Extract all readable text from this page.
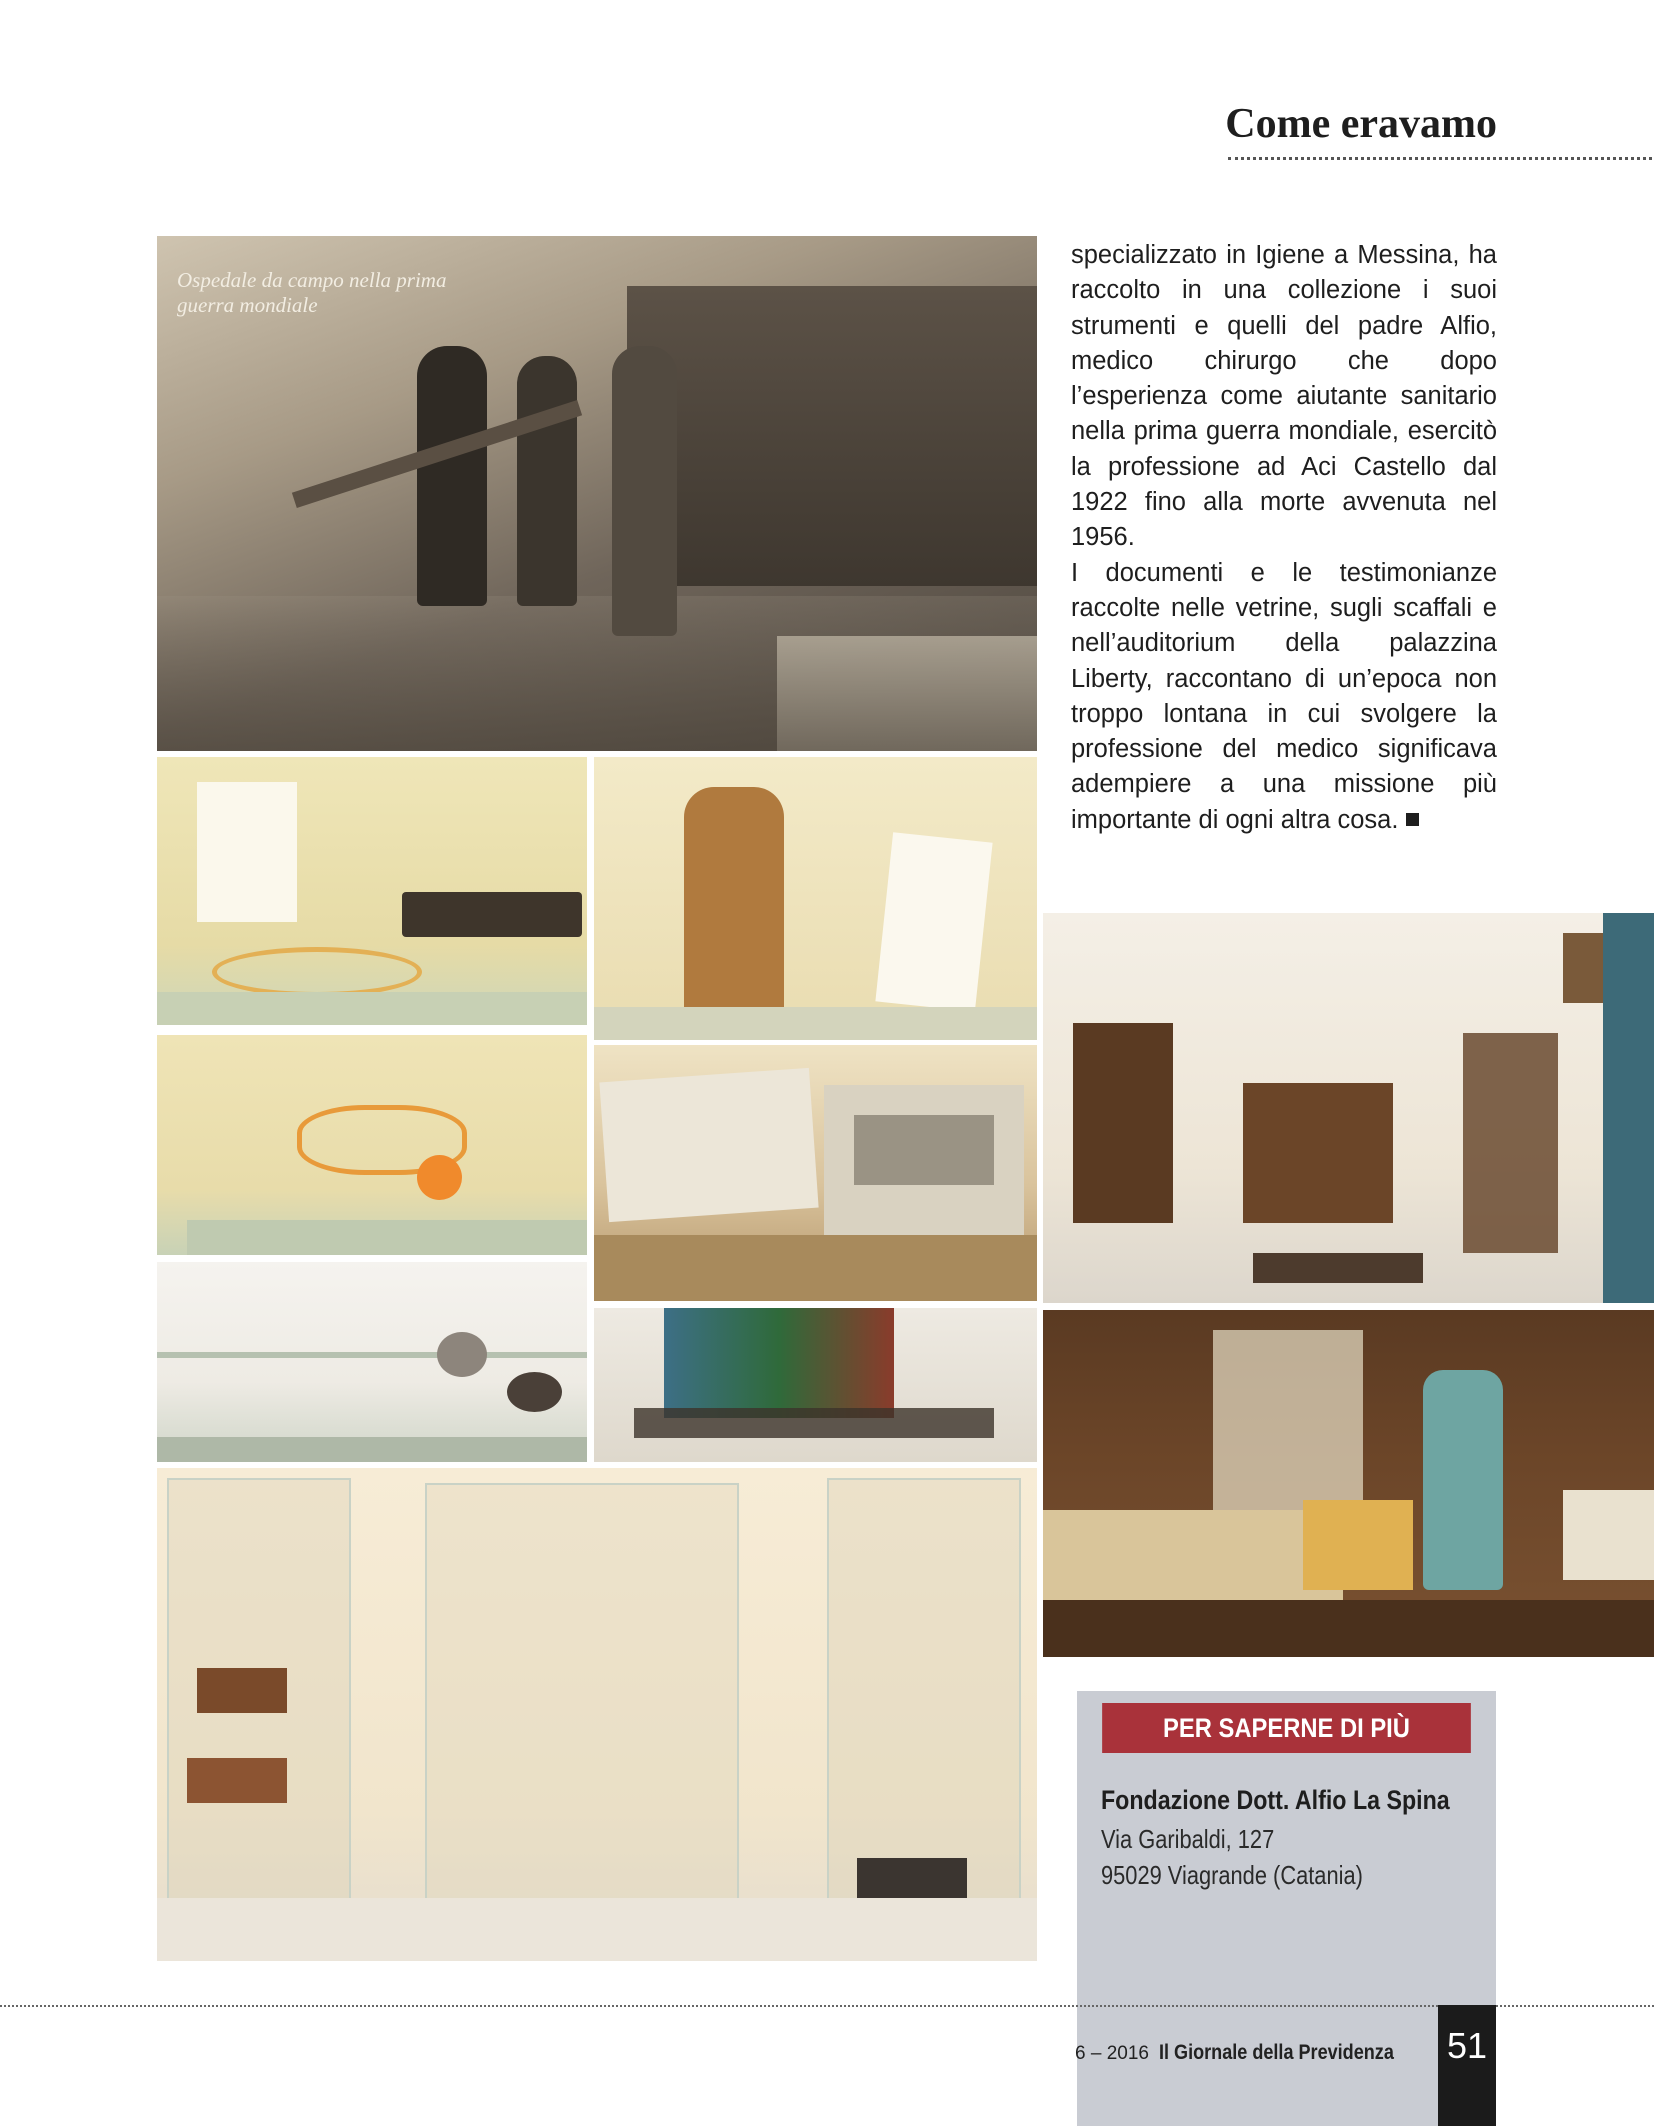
Come eravamo
Ospedale da campo nella prima guerra mondiale

specializzato in Igiene a Messina, ha raccolto in una collezione i suoi strumenti e quelli del padre Alfio, medico chirurgo che dopo l’esperienza come aiutante sanitario nella prima guerra mondiale, esercitò la professione ad Aci Castello dal 1922 fino alla morte avvenuta nel 1956.

I documenti e le testimonianze raccolte nelle vetrine, sugli scaffali e nell’auditorium della palazzina Liberty, raccontano di un’epoca non troppo lontana in cui svolgere la professione del medico significava adempiere a una missione più importante di ogni altra cosa.

PER SAPERNE DI PIÙ
Fondazione Dott. Alfio La Spina
Via Garibaldi, 127
95029 Viagrande (Catania)
6 – 2016 Il Giornale della Previdenza 51
